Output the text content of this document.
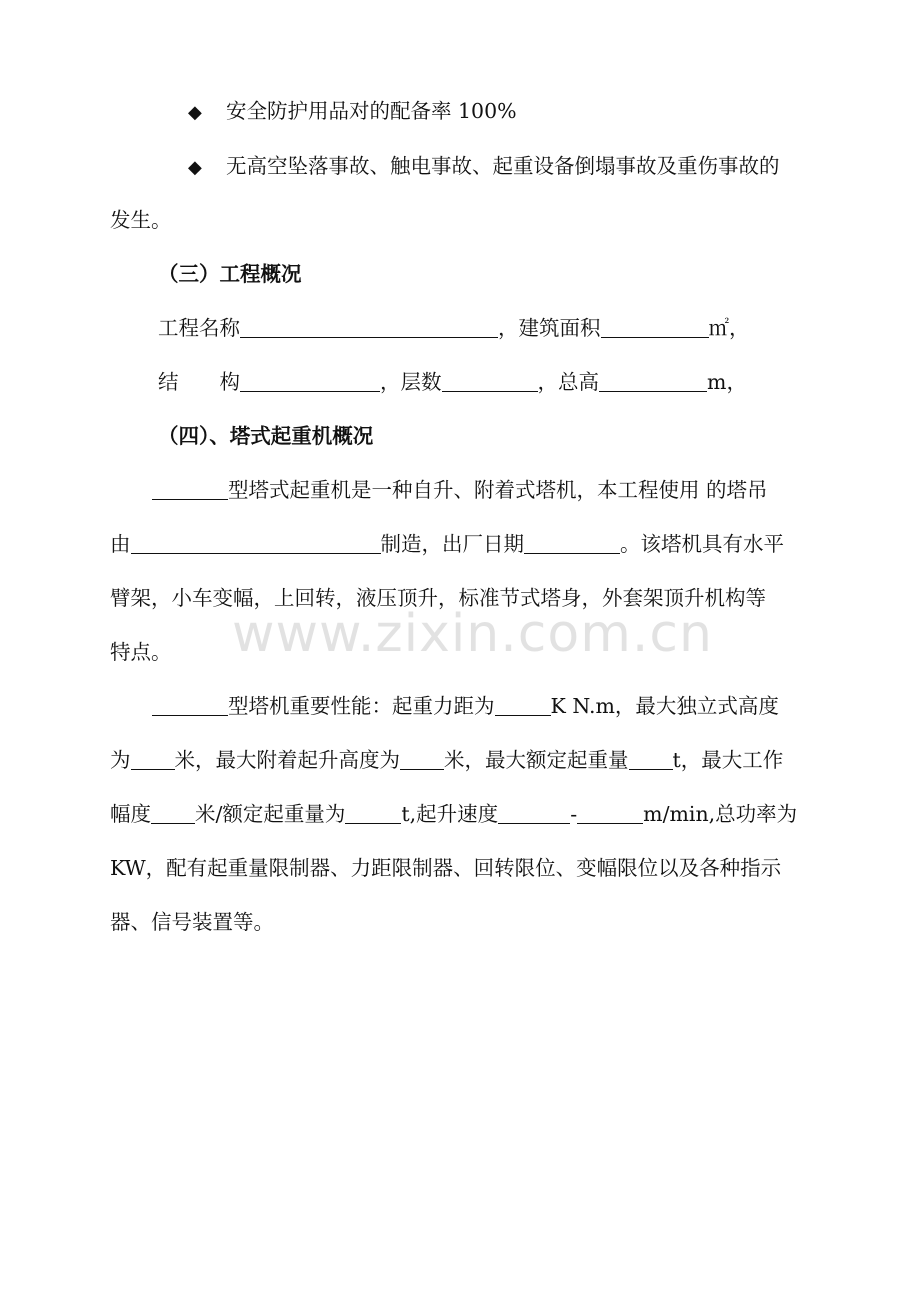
◆ 安全防护用品对的配备率 100%
◆ 无高空坠落事故、触电事故、起重设备倒塌事故及重伤事故的
发生。
（三）工程概况
工程名称	，建筑面积	㎡，
结　　构	，层数	，总高	m，
（四）、塔式起重机概况
型塔式起重机是一种自升、附着式塔机，本工程使用 的塔吊
由	制造，出厂日期	。该塔机具有水平
臂架，小车变幅，上回转，液压顶升，标准节式塔身，外套架顶升机构等
特点。
型塔机重要性能：起重力距为	K N.m，最大独立式高度
为 米，最大附着起升高度为 米，最大额定起重量 t，最大工作
幅度 米/额定起重量为	t,起升速度	-	m/min,总功率为
KW，配有起重量限制器、力距限制器、回转限位、变幅限位以及各种指示
器、信号装置等。
www.zixin.com.cn
